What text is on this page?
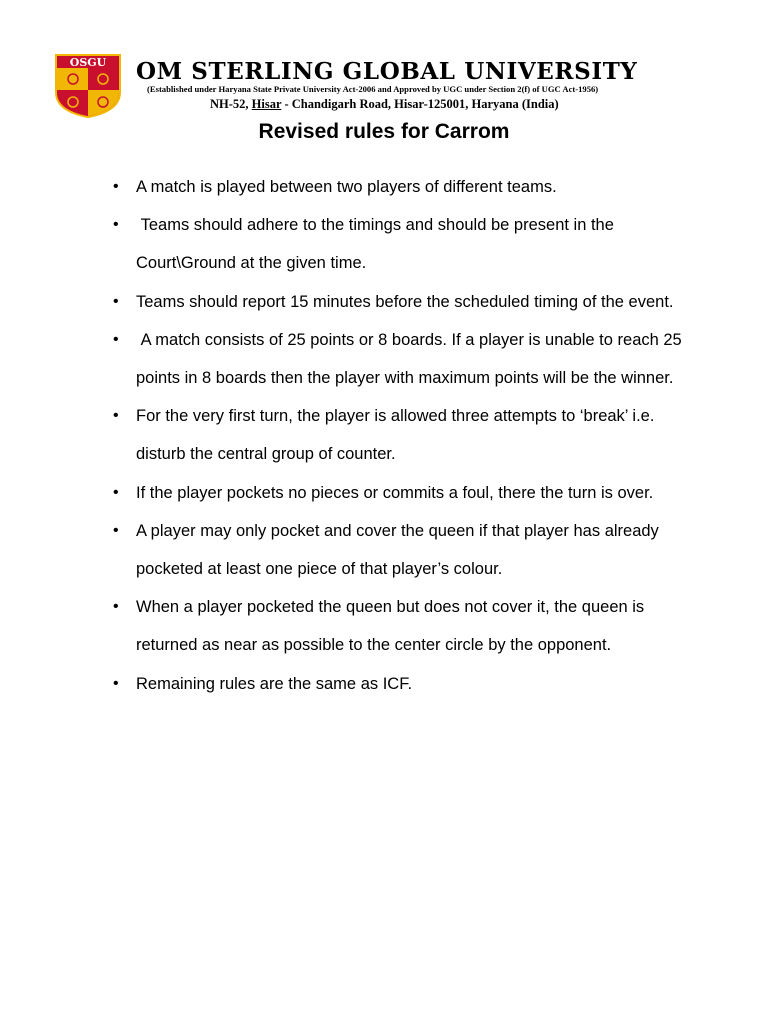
OSGU OM STERLING GLOBAL UNIVERSITY
(Established under Haryana State Private University Act-2006 and Approved by UGC under Section 2(f) of UGC Act-1956)
NH-52, Hisar - Chandigarh Road, Hisar-125001, Haryana (India)
Revised rules for Carrom
• A match is played between two players of different teams.
• Teams should adhere to the timings and should be present in the Court\Ground at the given time.
• Teams should report 15 minutes before the scheduled timing of the event.
• A match consists of 25 points or 8 boards. If a player is unable to reach 25 points in 8 boards then the player with maximum points will be the winner.
• For the very first turn, the player is allowed three attempts to ‘break’ i.e. disturb the central group of counter.
• If the player pockets no pieces or commits a foul, there the turn is over.
• A player may only pocket and cover the queen if that player has already pocketed at least one piece of that player’s colour.
• When a player pocketed the queen but does not cover it, the queen is returned as near as possible to the center circle by the opponent.
• Remaining rules are the same as ICF.
